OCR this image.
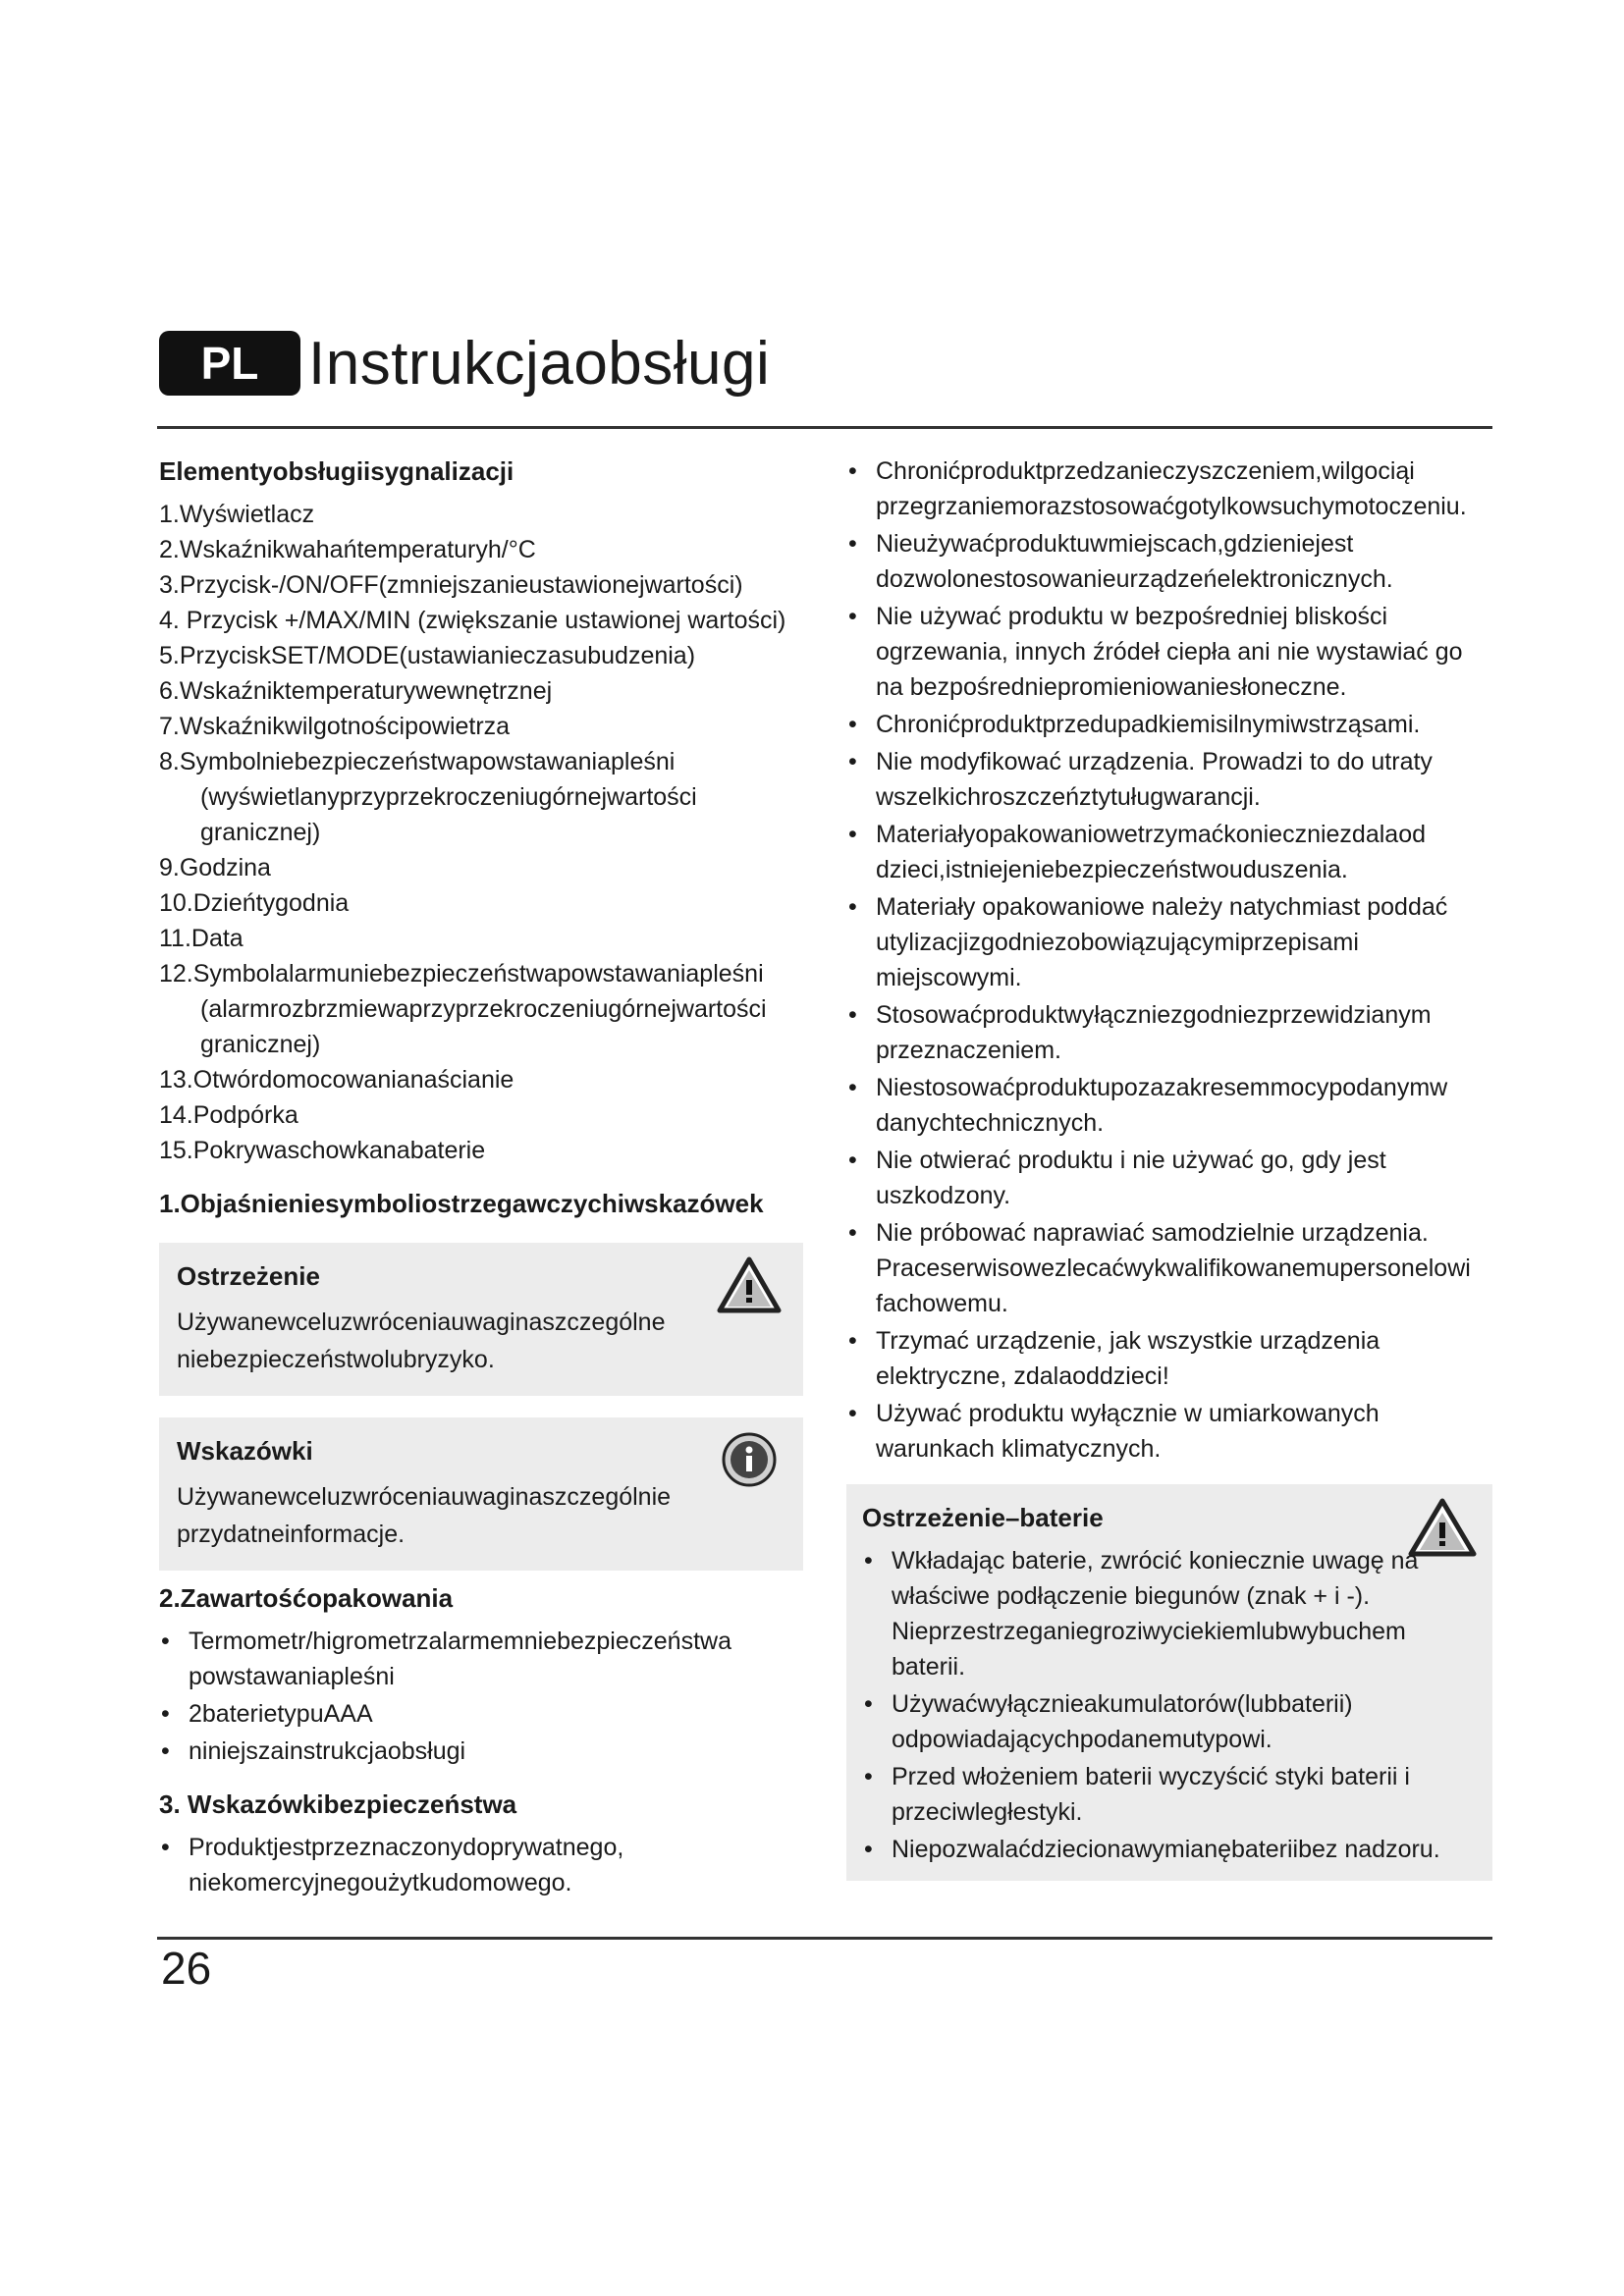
PL Instrukcjaobsługi
Elementyobsługiisygnalizacji
1.Wyświetlacz
2.Wskaźnikwahańtemperaturyh/°C
3.Przycisk-/ON/OFF(zmniejszanieustawionejwartości)
4. Przycisk +/MAX/MIN (zwiększanie ustawionej wartości)
5.PrzyciskSET/MODE(ustawianieczasubudzenia)
6.Wskaźniktemperaturywewnętrznej
7.Wskaźnikwilgotnościpowietrza
8.Symbolniebezpieczeństwapowstawaniapleśni (wyświetlanyprzyprzekroczeniugórnejwartości granicznej)
9.Godzina
10.Dzieńtygodnia
11.Data
12.Symbolalarmuniebezpieczeństwapowstawaniapleśni (alarmrozbrzmiewaprzyprzekroczeniugórnejwartości granicznej)
13.Otwórdomocowanianaścianie
14.Podpórka
15.Pokrywaschowkanabaterie
1.Objaśnieniesymboliostrzegawczychiwskazówek
Ostrzeżenie
Używanewceluzwróceniauwaginaszczególne niebezpieczeństwolubryzyko.
Wskazówki
Używanewceluzwróceniauwaginaszczególnie przydatneinformacje.
2.Zawartośćopakowania
• Termometr/higrometrzalarmemniebezpieczeństwa powstawaniapleśni
• 2baterietypuAAA
• niniejszainstrukcjaobsługi
3. Wskazówkibezpieczeństwa
• Produktjestprzeznaczonydoprywatnego, niekomercyjnegoużytkudomowego.
• Chronićproduktprzedzanieczyszczeniem,wilgociąi przegrzaniemorazstosowaćgotylkowsuchymotoczeniu.
• Nieużywaćproduktuwmiejscach,gdzieniejest dozwolonestosowanieurządzeńelektronicznych.
• Nie używać produktu w bezpośredniej bliskości ogrzewania, innych źródeł ciepła ani nie wystawiać go na bezpośredniepromieniowaniesłoneczne.
• Chronićproduktprzedupadkiemisilnymiwstrząsami.
• Nie modyfikować urządzenia. Prowadzi to do utraty wszelkichroszczeńztytuługwarancji.
• Materiałyopakowaniowetrzymaćkonieczniezdalaod dzieci,istniejeniebezpieczeństwouduszenia.
• Materiały opakowaniowe należy natychmiast poddać utylizacjizgodniezobowiązującymiprzepisami miejscowymi.
• Stosowaćproduktwyłączniezgodniezprzewidzianym przeznaczeniem.
• Niestosowaćproduktupozazakresemmocypodanymw danychtechnicznych.
• Nie otwierać produktu i nie używać go, gdy jest uszkodzony.
• Nie próbować naprawiać samodzielnie urządzenia. Praceserwisowezlecaćwykwalifikowanemupersonelowi fachowemu.
• Trzymać urządzenie, jak wszystkie urządzenia elektryczne, zdalaoddzieci!
• Używać produktu wyłącznie w umiarkowanych warunkach klimatycznych.
Ostrzeżenie–baterie
• Wkładając baterie, zwrócić koniecznie uwagę na właściwe podłączenie biegunów (znak + i -). Nieprzestrzeganiegroziwyciekiemlubwybuchem baterii.
• Używaćwyłącznieakumulatorów(lubbaterii) odpowiadającychpodanemutypowi.
• Przed włożeniem baterii wyczyścić styki baterii i przeciwległestyki.
• Niepozwalaćdziecionawymianębateriibez nadzoru.
26
